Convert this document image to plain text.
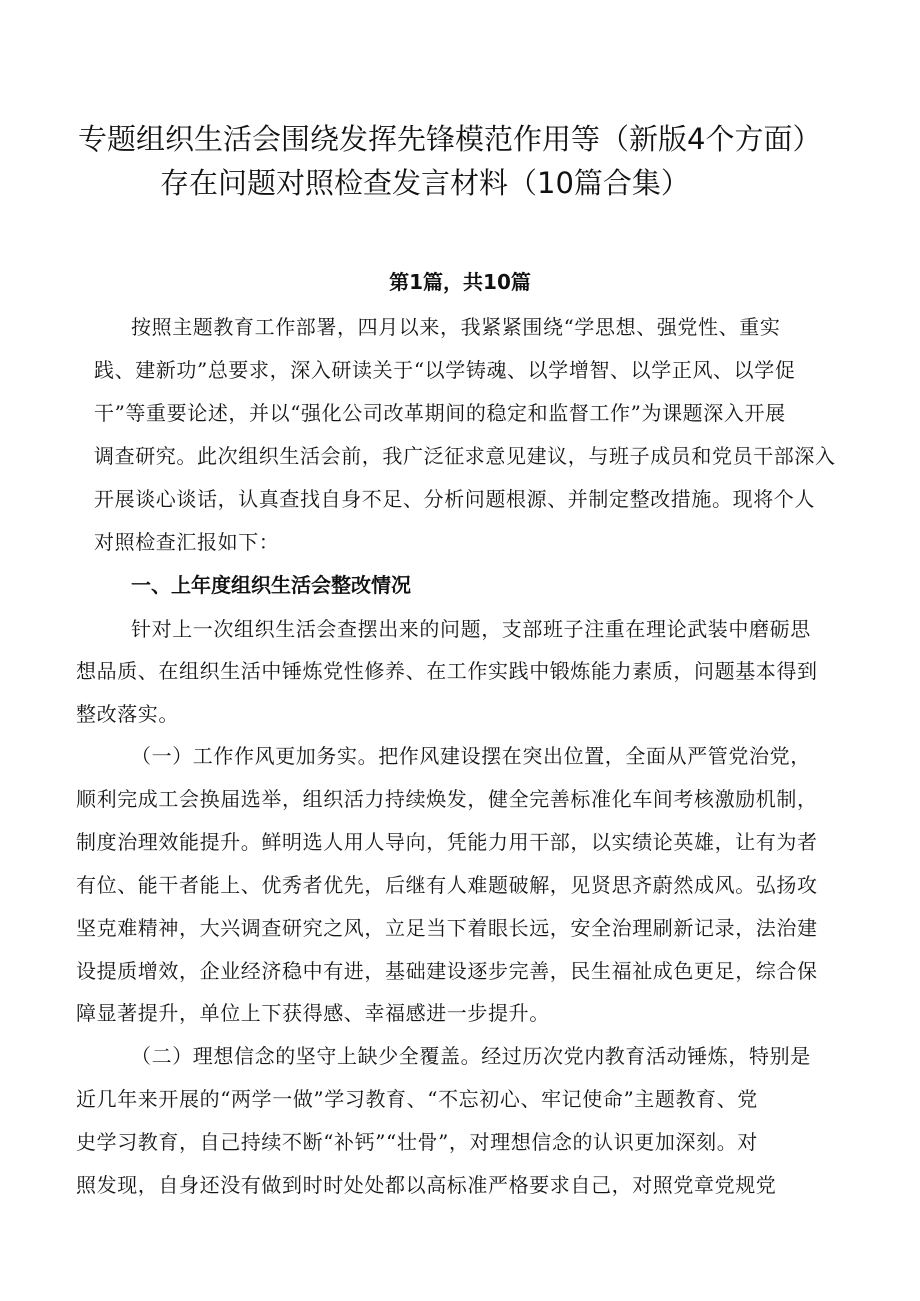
专题组织生活会围绕发挥先锋模范作用等（新版4个方面）
存在问题对照检查发言材料（10篇合集）
第1篇，共10篇
按照主题教育工作部署，四月以来，我紧紧围绕“学思想、强党性、重实
践、建新功”总要求，深入研读关于“以学铸魂、以学增智、以学正风、以学促
干”等重要论述，并以“强化公司改革期间的稳定和监督工作”为课题深入开展
调查研究。此次组织生活会前，我广泛征求意见建议，与班子成员和党员干部深入
开展谈心谈话，认真查找自身不足、分析问题根源、并制定整改措施。现将个人
对照检查汇报如下：
一、上年度组织生活会整改情况
针对上一次组织生活会查摆出来的问题，支部班子注重在理论武装中磨砺思
想品质、在组织生活中锤炼党性修养、在工作实践中锻炼能力素质，问题基本得到
整改落实。
（一）工作作风更加务实。把作风建设摆在突出位置，全面从严管党治党，
顺利完成工会换届选举，组织活力持续焕发，健全完善标准化车间考核激励机制，
制度治理效能提升。鲜明选人用人导向，凭能力用干部，以实绩论英雄，让有为者
有位、能干者能上、优秀者优先，后继有人难题破解，见贤思齐蔚然成风。弘扬攻
坚克难精神，大兴调查研究之风，立足当下着眼长远，安全治理刷新记录，法治建
设提质增效，企业经济稳中有进，基础建设逐步完善，民生福祉成色更足，综合保
障显著提升，单位上下获得感、幸福感进一步提升。
（二）理想信念的坚守上缺少全覆盖。经过历次党内教育活动锤炼，特别是
近几年来开展的“两学一做”学习教育、“不忘初心、牢记使命”主题教育、党
史学习教育，自己持续不断“补钙”“壮骨”，对理想信念的认识更加深刻。对
照发现，自身还没有做到时时处处都以高标准严格要求自己，对照党章党规党
